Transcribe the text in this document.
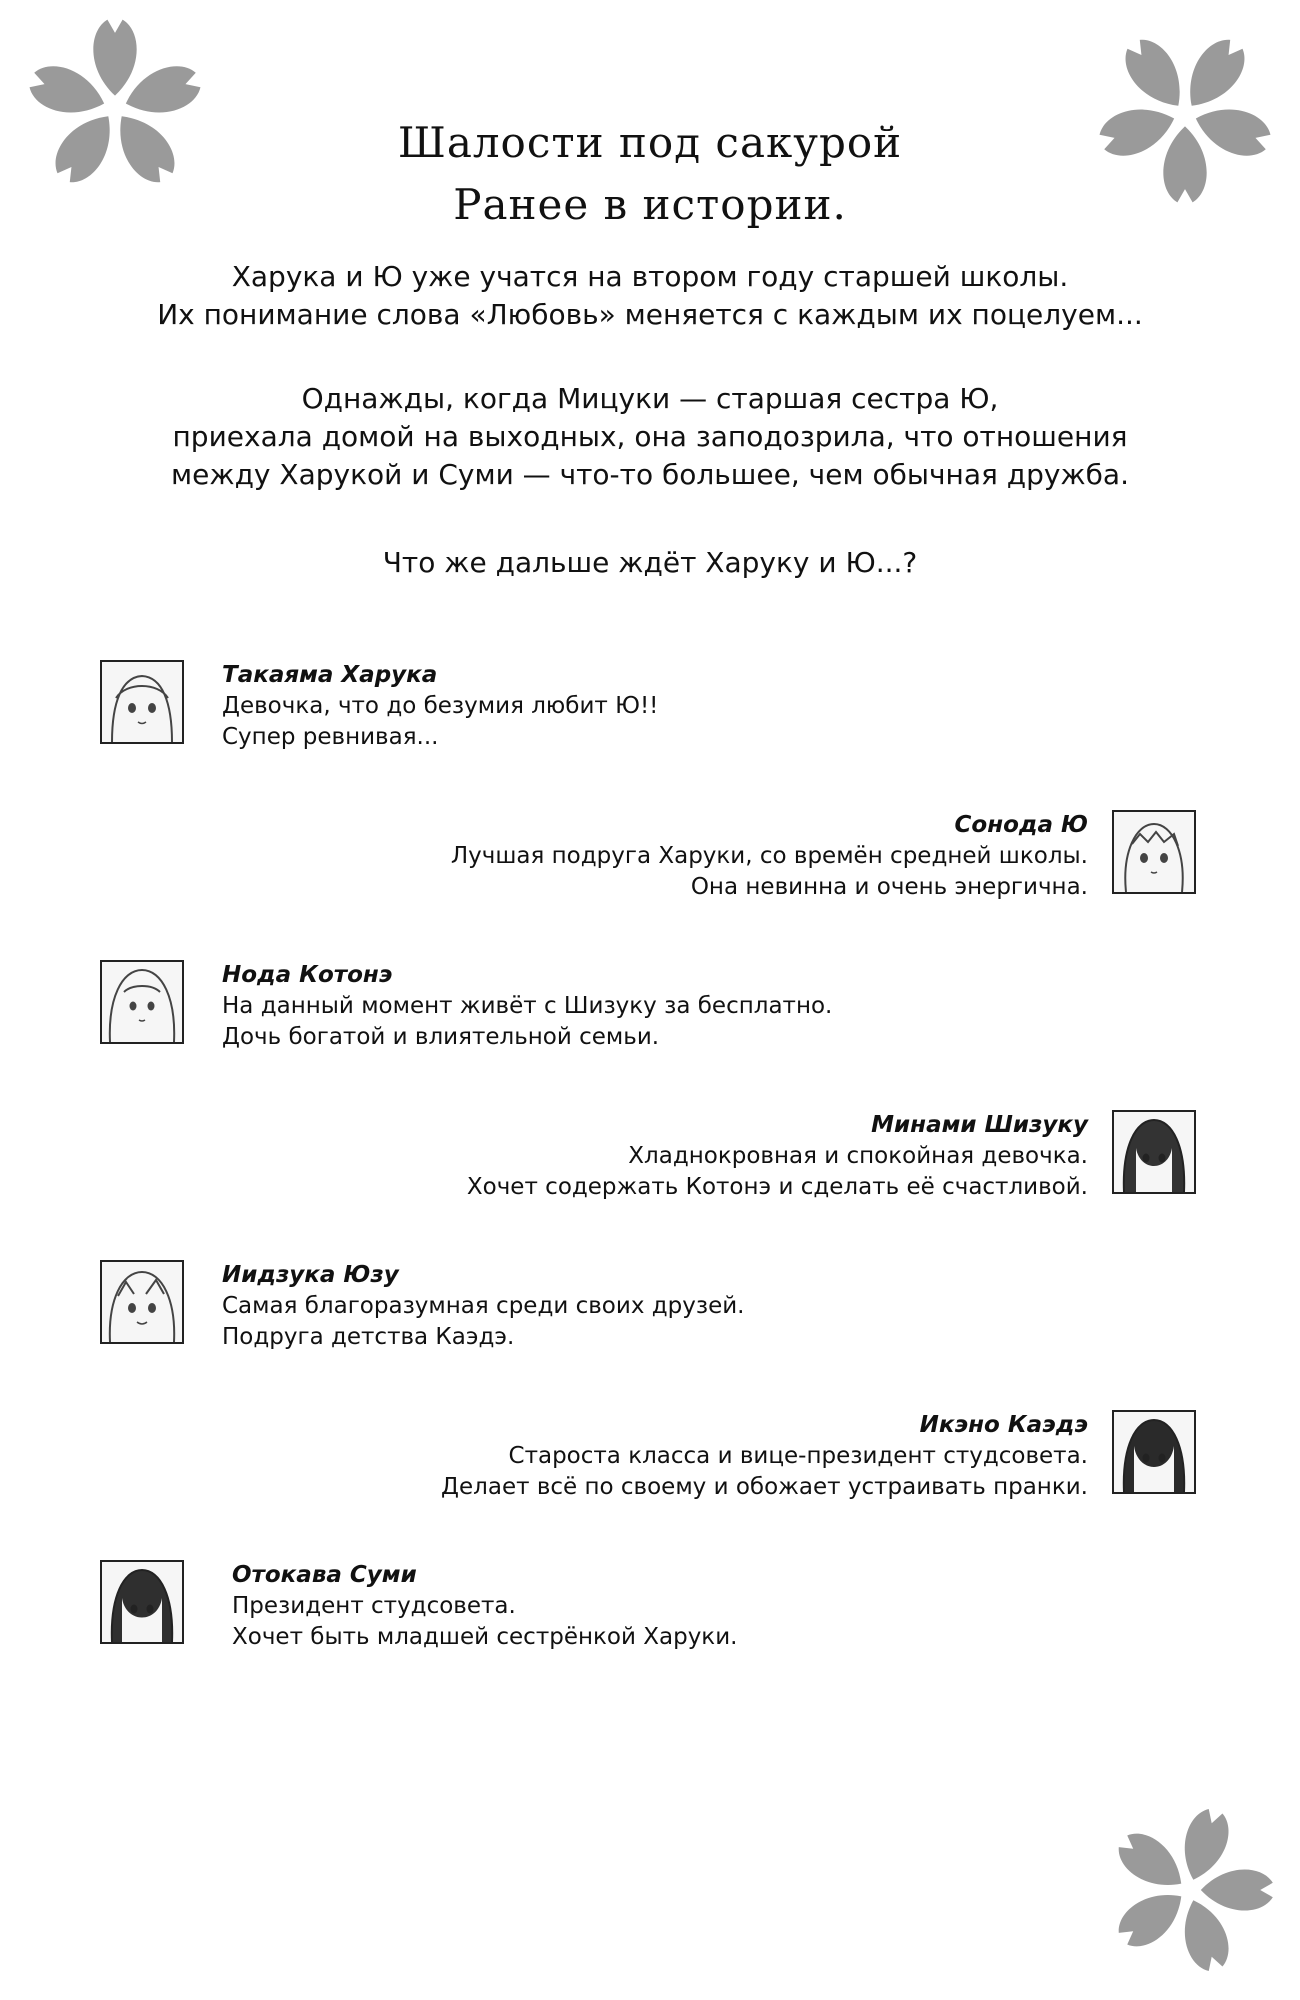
Шалости под сакурой
Ранее в истории.
Харука и Ю уже учатся на втором году старшей школы.
Их понимание слова «Любовь» меняется с каждым их поцелуем...
Однажды, когда Мицуки — старшая сестра Ю,
приехала домой на выходных, она заподозрила, что отношения
между Харукой и Суми — что-то большее, чем обычная дружба.
Что же дальше ждёт Харуку и Ю...?
Такаяма Харука
Девочка, что до безумия любит Ю!!
Супер ревнивая...
Сонода Ю
Лучшая подруга Харуки, со времён средней школы.
Она невинна и очень энергична.
Нода Котонэ
На данный момент живёт с Шизуку за бесплатно.
Дочь богатой и влиятельной семьи.
Минами Шизуку
Хладнокровная и спокойная девочка.
Хочет содержать Котонэ и сделать её счастливой.
Иидзука Юзу
Самая благоразумная среди своих друзей.
Подруга детства Каэдэ.
Икэно Каэдэ
Староста класса и вице-президент студсовета.
Делает всё по своему и обожает устраивать пранки.
Отокава Суми
Президент студсовета.
Хочет быть младшей сестрёнкой Харуки.
